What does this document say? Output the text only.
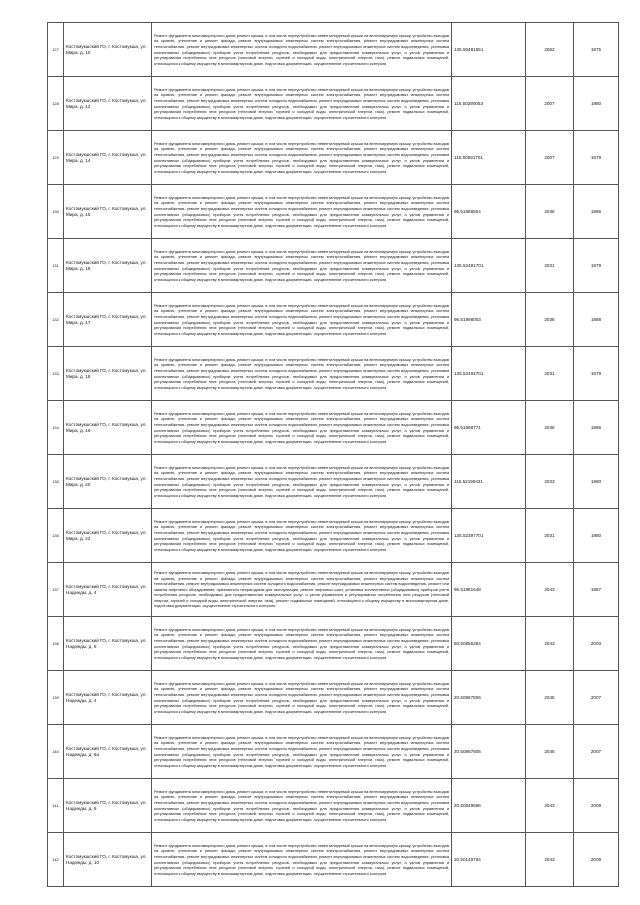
127	Костомукшский ГО, г. Костомукша, ул. Мира, д. 10	Ремонт фундамента многоквартирного дома, ремонт крыши, в том числе переустройство невентилируемой крыши на вентилируемую крышу, устройство выходов на кровлю, утепление и ремонт фасада, ремонт внутридомовых инженерных систем электроснабжения, ремонт внутридомовых инженерных систем теплоснабжения, ремонт внутридомовых инженерных систем холодного водоснабжения, ремонт внутридомовых инженерных систем водоотведения, установка коллективных (общедомовых) приборов учета потребления ресурсов, необходимых для предоставления коммунальных услуг, и узлов управления и регулирования потребления этих ресурсов (тепловой энергии, горячей и холодной воды, электрической энергии, газа), ремонт подвальных помещений, относящихся к общему имуществу в многоквартирном доме, подготовка документации, осуществление строительного контроля	135.50481651	2062	1975
128	Костомукшский ГО, г. Костомукша, ул. Мира, д. 12	Ремонт фундамента многоквартирного дома, ремонт крыши, в том числе переустройство невентилируемой крыши на вентилируемую крышу, устройство выходов на кровлю, утепление и ремонт фасада, ремонт внутридомовых инженерных систем электроснабжения, ремонт внутридомовых инженерных систем теплоснабжения, ремонт внутридомовых инженерных систем холодного водоснабжения, ремонт внутридомовых инженерных систем водоотведения, установка коллективных (общедомовых) приборов учета потребления ресурсов, необходимых для предоставления коммунальных услуг, и узлов управления и регулирования потребления этих ресурсов (тепловой энергии, горячей и холодной воды, электрической энергии, газа), ремонт подвальных помещений, относящихся к общему имуществу в многоквартирном доме, подготовка документации, осуществление строительного контроля	115.50290053	2007	1980
129	Костомукшский ГО, г. Костомукша, ул. Мира, д. 14	Ремонт фундамента многоквартирного дома, ремонт крыши, в том числе переустройство невентилируемой крыши на вентилируемую крышу, устройство выходов на кровлю, утепление и ремонт фасада, ремонт внутридомовых инженерных систем электроснабжения, ремонт внутридомовых инженерных систем теплоснабжения, ремонт внутридомовых инженерных систем холодного водоснабжения, ремонт внутридомовых инженерных систем водоотведения, установка коллективных (общедомовых) приборов учета потребления ресурсов, необходимых для предоставления коммунальных услуг, и узлов управления и регулирования потребления этих ресурсов (тепловой энергии, горячей и холодной воды, электрической энергии, газа), ремонт подвальных помещений, относящихся к общему имуществу в многоквартирном доме, подготовка документации, осуществление строительного контроля	115.50591701	2007	1979
130	Костомукшский ГО, г. Костомукша, ул. Мира, д. 15	Ремонт фундамента многоквартирного дома, ремонт крыши, в том числе переустройство невентилируемой крыши на вентилируемую крышу, устройство выходов на кровлю, утепление и ремонт фасада, ремонт внутридомовых инженерных систем электроснабжения, ремонт внутридомовых инженерных систем теплоснабжения, ремонт внутридомовых инженерных систем холодного водоснабжения, ремонт внутридомовых инженерных систем водоотведения, установка коллективных (общедомовых) приборов учета потребления ресурсов, необходимых для предоставления коммунальных услуг, и узлов управления и регулирования потребления этих ресурсов (тепловой энергии, горячей и холодной воды, электрической энергии, газа), ремонт подвальных помещений, относящихся к общему имуществу в многоквартирном доме, подготовка документации, осуществление строительного контроля	96.51888904	2036	1986
131	Костомукшский ГО, г. Костомукша, ул. Мира, д. 16	Ремонт фундамента многоквартирного дома, ремонт крыши, в том числе переустройство невентилируемой крыши на вентилируемую крышу, устройство выходов на кровлю, утепление и ремонт фасада, ремонт внутридомовых инженерных систем электроснабжения, ремонт внутридомовых инженерных систем теплоснабжения, ремонт внутридомовых инженерных систем холодного водоснабжения, ремонт внутридомовых инженерных систем водоотведения, установка коллективных (общедомовых) приборов учета потребления ресурсов, необходимых для предоставления коммунальных услуг, и узлов управления и регулирования потребления этих ресурсов (тепловой энергии, горячей и холодной воды, электрической энергии, газа), ремонт подвальных помещений, относящихся к общему имуществу в многоквартирном доме, подготовка документации, осуществление строительного контроля	135.52481701	2031	1979
132	Костомукшский ГО, г. Костомукша, ул. Мира, д. 17	Ремонт фундамента многоквартирного дома, ремонт крыши, в том числе переустройство невентилируемой крыши на вентилируемую крышу, устройство выходов на кровлю, утепление и ремонт фасада, ремонт внутридомовых инженерных систем электроснабжения, ремонт внутридомовых инженерных систем теплоснабжения, ремонт внутридомовых инженерных систем холодного водоснабжения, ремонт внутридомовых инженерных систем водоотведения, установка коллективных (общедомовых) приборов учета потребления ресурсов, необходимых для предоставления коммунальных услуг, и узлов управления и регулирования потребления этих ресурсов (тепловой энергии, горячей и холодной воды, электрической энергии, газа), ремонт подвальных помещений, относящихся к общему имуществу в многоквартирном доме, подготовка документации, осуществление строительного контроля	96.51998003	2038	1988
133	Костомукшский ГО, г. Костомукша, ул. Мира, д. 18	Ремонт фундамента многоквартирного дома, ремонт крыши, в том числе переустройство невентилируемой крыши на вентилируемую крышу, устройство выходов на кровлю, утепление и ремонт фасада, ремонт внутридомовых инженерных систем электроснабжения, ремонт внутридомовых инженерных систем теплоснабжения, ремонт внутридомовых инженерных систем холодного водоснабжения, ремонт внутридомовых инженерных систем водоотведения, установка коллективных (общедомовых) приборов учета потребления ресурсов, необходимых для предоставления коммунальных услуг, и узлов управления и регулирования потребления этих ресурсов (тепловой энергии, горячей и холодной воды, электрической энергии, газа), ремонт подвальных помещений, относящихся к общему имуществу в многоквартирном доме, подготовка документации, осуществление строительного контроля	135.52491701	2031	1979
134	Костомукшский ГО, г. Костомукша, ул. Мира, д. 19	Ремонт фундамента многоквартирного дома, ремонт крыши, в том числе переустройство невентилируемой крыши на вентилируемую крышу, устройство выходов на кровлю, утепление и ремонт фасада, ремонт внутридомовых инженерных систем электроснабжения, ремонт внутридомовых инженерных систем теплоснабжения, ремонт внутридомовых инженерных систем холодного водоснабжения, ремонт внутридомовых инженерных систем водоотведения, установка коллективных (общедомовых) приборов учета потребления ресурсов, необходимых для предоставления коммунальных услуг, и узлов управления и регулирования потребления этих ресурсов (тепловой энергии, горячей и холодной воды, электрической энергии, газа), ремонт подвальных помещений, относящихся к общему имуществу в многоквартирном доме, подготовка документации, осуществление строительного контроля	96.51998771	2036	1986
135	Костомукшский ГО, г. Костомукша, ул. Мира, д. 20	Ремонт фундамента многоквартирного дома, ремонт крыши, в том числе переустройство невентилируемой крыши на вентилируемую крышу, устройство выходов на кровлю, утепление и ремонт фасада, ремонт внутридомовых инженерных систем электроснабжения, ремонт внутридомовых инженерных систем теплоснабжения, ремонт внутридомовых инженерных систем холодного водоснабжения, ремонт внутридомовых инженерных систем водоотведения, установка коллективных (общедомовых) приборов учета потребления ресурсов, необходимых для предоставления коммунальных услуг, и узлов управления и регулирования потребления этих ресурсов (тепловой энергии, горячей и холодной воды, электрической энергии, газа), ремонт подвальных помещений, относящихся к общему имуществу в многоквартирном доме, подготовка документации, осуществление строительного контроля	115.52199431	2033	1980
136	Костомукшский ГО, г. Костомукша, ул. Мира, д. 22	Ремонт фундамента многоквартирного дома, ремонт крыши, в том числе переустройство невентилируемой крыши на вентилируемую крышу, устройство выходов на кровлю, утепление и ремонт фасада, ремонт внутридомовых инженерных систем электроснабжения, ремонт внутридомовых инженерных систем теплоснабжения, ремонт внутридомовых инженерных систем холодного водоснабжения, ремонт внутридомовых инженерных систем водоотведения, установка коллективных (общедомовых) приборов учета потребления ресурсов, необходимых для предоставления коммунальных услуг, и узлов управления и регулирования потребления этих ресурсов (тепловой энергии, горячей и холодной воды, электрической энергии, газа), ремонт подвальных помещений, относящихся к общему имуществу в многоквартирном доме, подготовка документации, осуществление строительного контроля	135.52397701	2031	1980
137	Костомукшский ГО, г. Костомукша, ул. Надежды, д. 4	Ремонт фундамента многоквартирного дома, ремонт крыши, в том числе переустройство невентилируемой крыши на вентилируемую крышу, устройство выходов на кровлю, утепление и ремонт фасада, ремонт внутридомовых инженерных систем электроснабжения, ремонт внутридомовых инженерных систем теплоснабжения, ремонт внутридомовых инженерных систем холодного водоснабжения, ремонт внутридомовых инженерных систем водоотведения, ремонт или замена лифтового оборудования, признанного непригодным для эксплуатации, ремонт лифтовых шахт, установка коллективных (общедомовых) приборов учета потребления ресурсов, необходимых для предоставления коммунальных услуг, и узлов управления и регулирования потребления этих ресурсов (тепловой энергии, горячей и холодной воды, электрической энергии, газа), ремонт подвальных помещений, относящихся к общему имуществу в многоквартирном доме, подготовка документации, осуществление строительного контроля	96.51981648	2043	1987
138	Костомукшский ГО, г. Костомукша, ул. Надежды, д. 6	Ремонт фундамента многоквартирного дома, ремонт крыши, в том числе переустройство невентилируемой крыши на вентилируемую крышу, устройство выходов на кровлю, утепление и ремонт фасада, ремонт внутридомовых инженерных систем электроснабжения, ремонт внутридомовых инженерных систем теплоснабжения, ремонт внутридомовых инженерных систем холодного водоснабжения, ремонт внутридомовых инженерных систем водоотведения, установка коллективных (общедомовых) приборов учета потребления ресурсов, необходимых для предоставления коммунальных услуг, и узлов управления и регулирования потребления этих ресурсов (тепловой энергии, горячей и холодной воды, электрической энергии, газа), ремонт подвальных помещений, относящихся к общему имуществу в многоквартирном доме, подготовка документации, осуществление строительного контроля	50.50855364	2043	2003
139	Костомукшский ГО, г. Костомукша, ул. Надежды, д. 4	Ремонт фундамента многоквартирного дома, ремонт крыши, в том числе переустройство невентилируемой крыши на вентилируемую крышу, устройство выходов на кровлю, утепление и ремонт фасада, ремонт внутридомовых инженерных систем электроснабжения, ремонт внутридомовых инженерных систем теплоснабжения, ремонт внутридомовых инженерных систем холодного водоснабжения, ремонт внутридомовых инженерных систем водоотведения, установка коллективных (общедомовых) приборов учета потребления ресурсов, необходимых для предоставления коммунальных услуг, и узлов управления и регулирования потребления этих ресурсов (тепловой энергии, горячей и холодной воды, электрической энергии, газа), ремонт подвальных помещений, относящихся к общему имуществу в многоквартирном доме, подготовка документации, осуществление строительного контроля	20.50867806	2045	2007
140	Костомукшский ГО, г. Костомукша, ул. Надежды, д. 8а	Ремонт фундамента многоквартирного дома, ремонт крыши, в том числе переустройство невентилируемой крыши на вентилируемую крышу, устройство выходов на кровлю, утепление и ремонт фасада, ремонт внутридомовых инженерных систем электроснабжения, ремонт внутридомовых инженерных систем теплоснабжения, ремонт внутридомовых инженерных систем холодного водоснабжения, ремонт внутридомовых инженерных систем водоотведения, установка коллективных (общедомовых) приборов учета потребления ресурсов, необходимых для предоставления коммунальных услуг, и узлов управления и регулирования потребления этих ресурсов (тепловой энергии, горячей и холодной воды, электрической энергии, газа), ремонт подвальных помещений, относящихся к общему имуществу в многоквартирном доме, подготовка документации, осуществление строительного контроля	20.50867806	2045	2007
141	Костомукшский ГО, г. Костомукша, ул. Надежды, д. 9	Ремонт фундамента многоквартирного дома, ремонт крыши, в том числе переустройство невентилируемой крыши на вентилируемую крышу, устройство выходов на кровлю, утепление и ремонт фасада, ремонт внутридомовых инженерных систем электроснабжения, ремонт внутридомовых инженерных систем теплоснабжения, ремонт внутридомовых инженерных систем холодного водоснабжения, ремонт внутридомовых инженерных систем водоотведения, установка коллективных (общедомовых) приборов учета потребления ресурсов, необходимых для предоставления коммунальных услуг, и узлов управления и регулирования потребления этих ресурсов (тепловой энергии, горячей и холодной воды, электрической энергии, газа), ремонт подвальных помещений, относящихся к общему имуществу в многоквартирном доме, подготовка документации, осуществление строительного контроля	20.50849596	2043	2009
142	Костомукшский ГО, г. Костомукша, ул. Надежды, д. 10	Ремонт фундамента многоквартирного дома, ремонт крыши, в том числе переустройство невентилируемой крыши на вентилируемую крышу, устройство выходов на кровлю, утепление и ремонт фасада, ремонт внутридомовых инженерных систем электроснабжения, ремонт внутридомовых инженерных систем теплоснабжения, ремонт внутридомовых инженерных систем холодного водоснабжения, ремонт внутридомовых инженерных систем водоотведения, установка коллективных (общедомовых) приборов учета потребления ресурсов, необходимых для предоставления коммунальных услуг, и узлов управления и регулирования потребления этих ресурсов (тепловой энергии, горячей и холодной воды, электрической энергии, газа), ремонт подвальных помещений, относящихся к общему имуществу в многоквартирном доме, подготовка документации, осуществление строительного контроля	20.50149764	2043	2009
